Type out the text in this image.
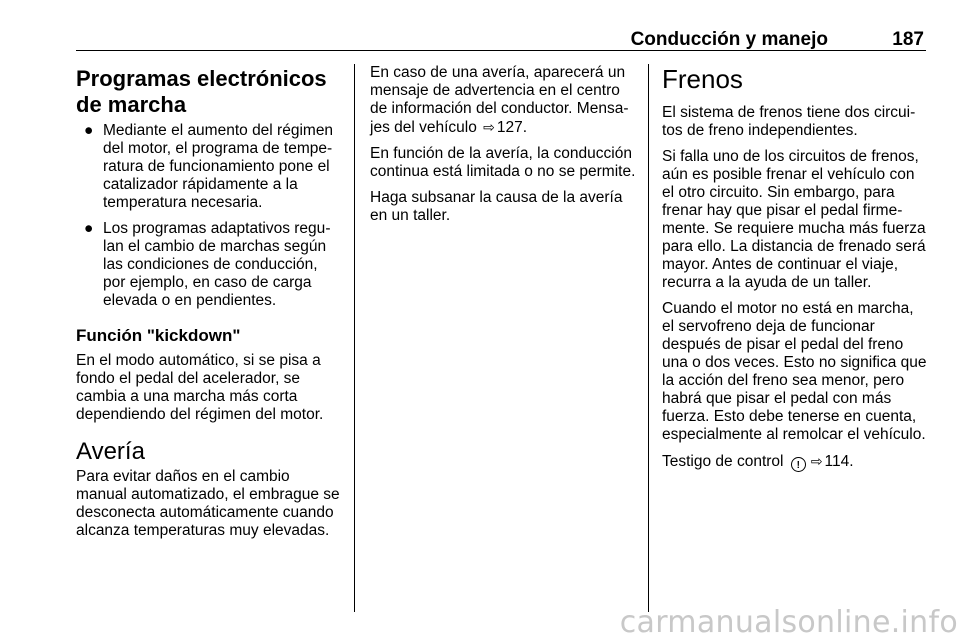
Conducción y manejo	187
Programas electrónicos de marcha
● Mediante el aumento del régimen del motor, el programa de temperatura de funcionamiento pone el catalizador rápidamente a la temperatura necesaria.
● Los programas adaptativos regulan el cambio de marchas según las condiciones de conducción, por ejemplo, en caso de carga elevada o en pendientes.
Función "kickdown"

En el modo automático, si se pisa a fondo el pedal del acelerador, se cambia a una marcha más corta dependiendo del régimen del motor.

Avería

Para evitar daños en el cambio manual automatizado, el embrague se desconecta automáticamente cuando alcanza temperaturas muy elevadas.

En caso de una avería, aparecerá un mensaje de advertencia en el centro de información del conductor. Mensajes del vehículo ⇨ 127.

En función de la avería, la conducción continua está limitada o no se permite.

Haga subsanar la causa de la avería en un taller.

Frenos

El sistema de frenos tiene dos circuitos de freno independientes.

Si falla uno de los circuitos de frenos, aún es posible frenar el vehículo con el otro circuito. Sin embargo, para frenar hay que pisar el pedal firmemente. Se requiere mucha más fuerza para ello. La distancia de frenado será mayor. Antes de continuar el viaje, recurra a la ayuda de un taller.

Cuando el motor no está en marcha, el servofreno deja de funcionar después de pisar el pedal del freno una o dos veces. Esto no significa que la acción del freno sea menor, pero habrá que pisar el pedal con más fuerza. Esto debe tenerse en cuenta, especialmente al remolcar el vehículo.

Testigo de control ! ⇨ 114.

carmanualsonline.info
